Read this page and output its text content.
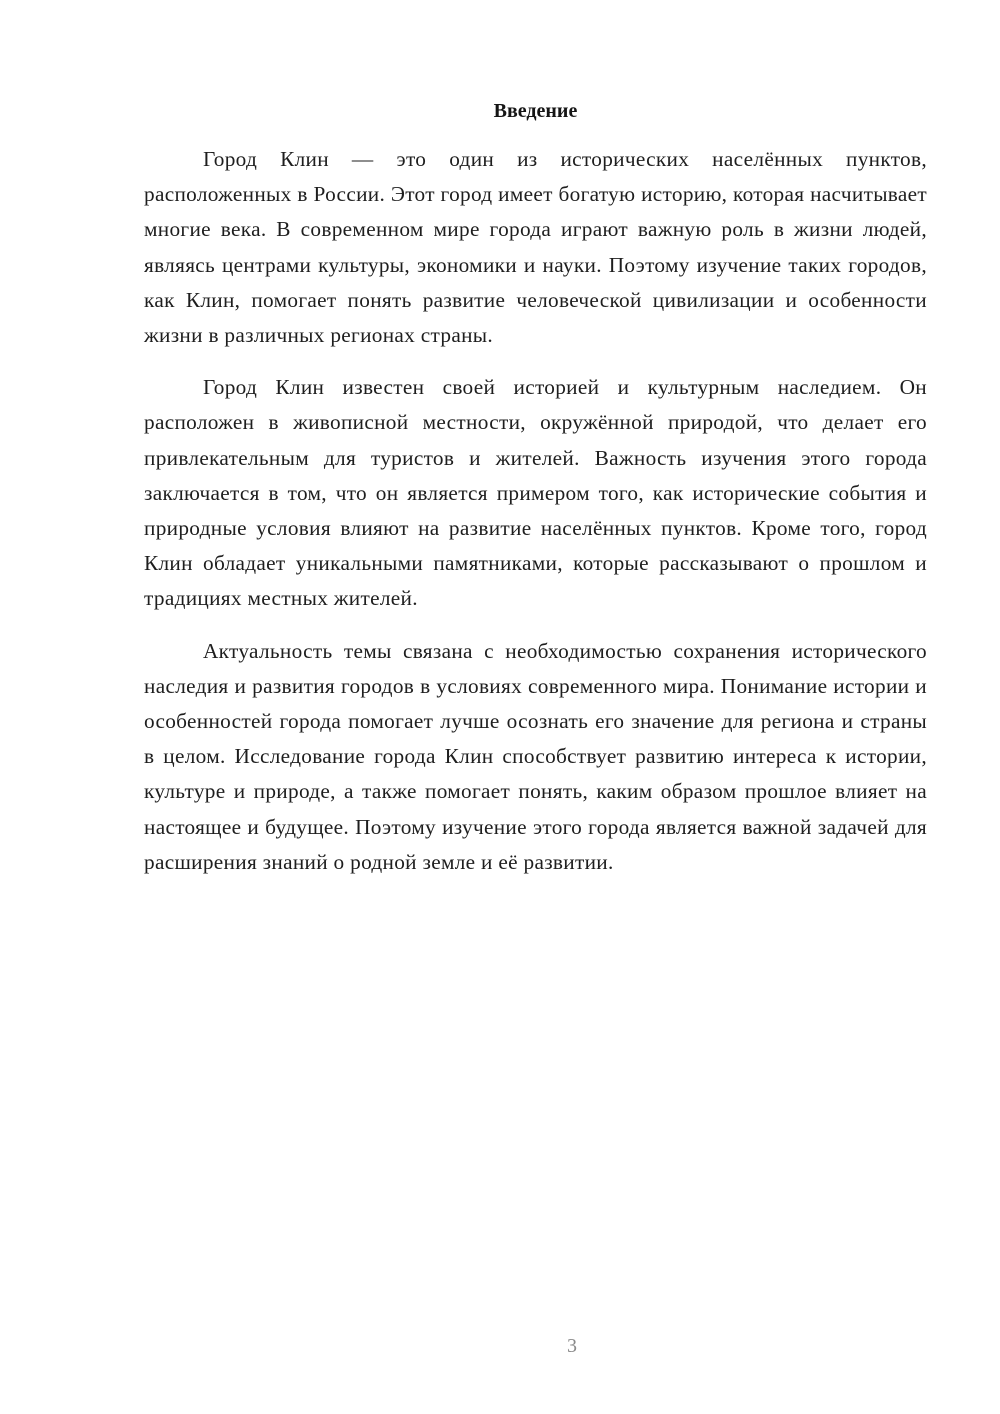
Введение

Город Клин — это один из исторических населённых пунктов, расположенных в России. Этот город имеет богатую историю, которая насчитывает многие века. В современном мире города играют важную роль в жизни людей, являясь центрами культуры, экономики и науки. Поэтому изучение таких городов, как Клин, помогает понять развитие человеческой цивилизации и особенности жизни в различных регионах страны.

Город Клин известен своей историей и культурным наследием. Он расположен в живописной местности, окружённой природой, что делает его привлекательным для туристов и жителей. Важность изучения этого города заключается в том, что он является примером того, как исторические события и природные условия влияют на развитие населённых пунктов. Кроме того, город Клин обладает уникальными памятниками, которые рассказывают о прошлом и традициях местных жителей.

Актуальность темы связана с необходимостью сохранения исторического наследия и развития городов в условиях современного мира. Понимание истории и особенностей города помогает лучше осознать его значение для региона и страны в целом. Исследование города Клин способствует развитию интереса к истории, культуре и природе, а также помогает понять, каким образом прошлое влияет на настоящее и будущее. Поэтому изучение этого города является важной задачей для расширения знаний о родной земле и её развитии.

3
